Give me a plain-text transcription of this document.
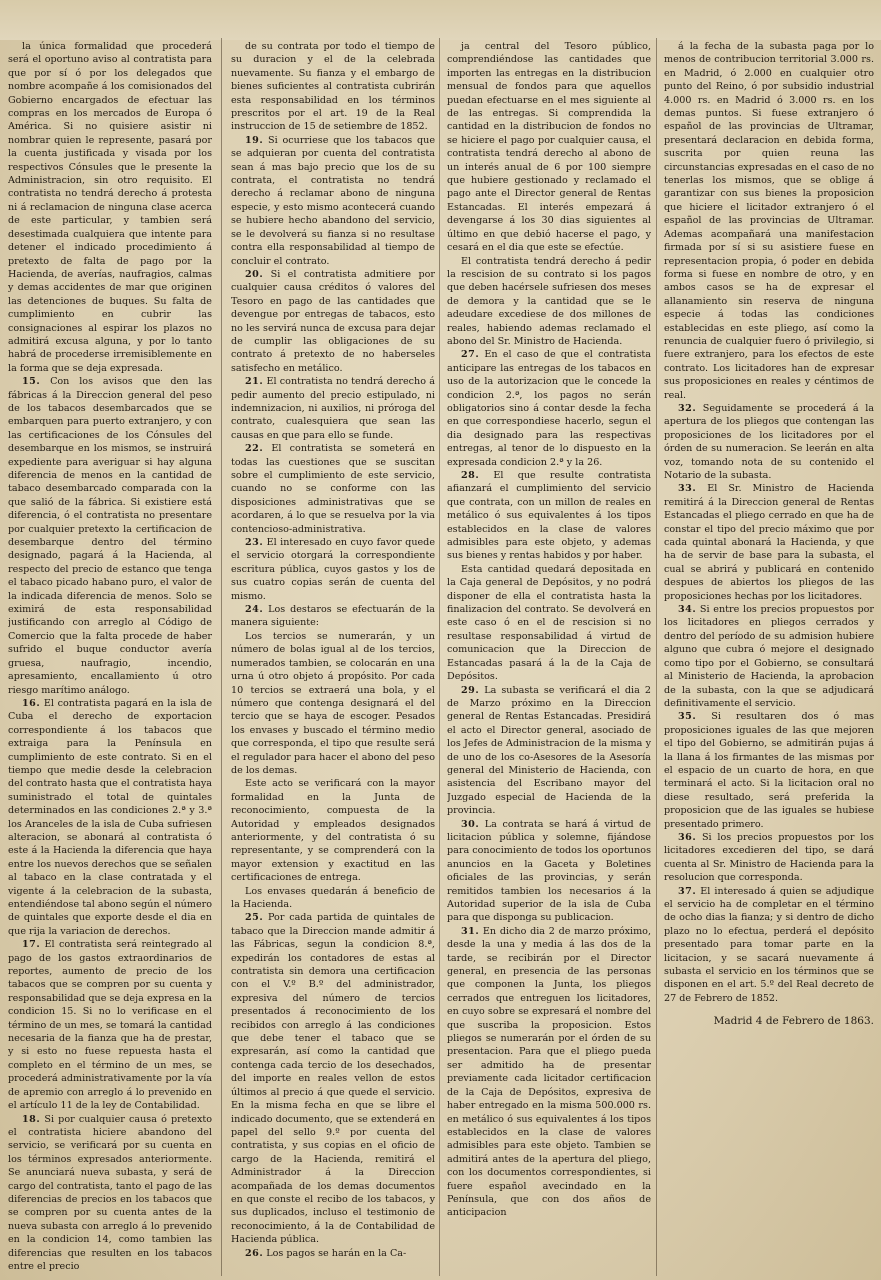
la única formalidad que procederá será el oportuno aviso al contratista para que por sí ó por los delegados que nombre acompañe á los comisionados del Gobierno encargados de efectuar las compras en los mercados de Europa ó América. Si no quisiere asistir ni nombrar quien le represente, pasará por la cuenta justificada y visada por los respectivos Cónsules que le presente la Administracion, sin otro requisito. El contratista no tendrá derecho á protesta ni á reclamacion de ninguna clase acerca de este particular, y tambien será desestimada cualquiera que intente para detener el indicado procedimiento á pretexto de falta de pago por la Hacienda, de averías, naufragios, calmas y demas accidentes de mar que originen las detenciones de buques. Su falta de cumplimiento en cubrir las consignaciones al espirar los plazos no admitirá excusa alguna, y por lo tanto habrá de procederse irremisiblemente en la forma que se deja expresada.

15. Con los avisos que den las fábricas á la Direccion general del peso de los tabacos desembarcados que se embarquen para puerto extranjero, y con las certificaciones de los Cónsules del desembarque en los mismos, se instruirá expediente para averiguar si hay alguna diferencia de menos en la cantidad de tabaco desembarcado comparada con la que salió de la fábrica. Si existiere está diferencia, ó el contratista no presentare por cualquier pretexto la certificacion de desembarque dentro del término designado, pagará á la Hacienda, al respecto del precio de estanco que tenga el tabaco picado habano puro, el valor de la indicada diferencia de menos. Solo se eximirá de esta responsabilidad justificando con arreglo al Código de Comercio que la falta procede de haber sufrido el buque conductor avería gruesa, naufragio, incendio, apresamiento, encallamiento ú otro riesgo marítimo análogo.

16. El contratista pagará en la isla de Cuba el derecho de exportacion correspondiente á los tabacos que extraiga para la Península en cumplimiento de este contrato. Si en el tiempo que medie desde la celebracion del contrato hasta que el contratista haya suministrado el total de quintales determinados en las condiciones 2.ª y 3.ª los Aranceles de la isla de Cuba sufriesen alteracion, se abonará al contratista ó este á la Hacienda la diferencia que haya entre los nuevos derechos que se señalen al tabaco en la clase contratada y el vigente á la celebracion de la subasta, entendiéndose tal abono según el número de quintales que exporte desde el dia en que rija la variacion de derechos.

17. El contratista será reintegrado al pago de los gastos extraordinarios de reportes, aumento de precio de los tabacos que se compren por su cuenta y responsabilidad que se deja expresa en la condicion 15. Si no lo verificase en el término de un mes, se tomará la cantidad necesaria de la fianza que ha de prestar, y si esto no fuese repuesta hasta el completo en el término de un mes, se procederá administrativamente por la vía de apremio con arreglo á lo prevenido en el artículo 11 de la ley de Contabilidad.

18. Si por cualquier causa ó pretexto el contratista hiciere abandono del servicio, se verificará por su cuenta en los términos expresados anteriormente. Se anunciará nueva subasta, y será de cargo del contratista, tanto el pago de las diferencias de precios en los tabacos que se compren por su cuenta antes de la nueva subasta con arreglo á lo prevenido en la condicion 14, como tambien las diferencias que resulten en los tabacos entre el precio

de su contrata por todo el tiempo de su duracion y el de la celebrada nuevamente. Su fianza y el embargo de bienes suficientes al contratista cubrirán esta responsabilidad en los términos prescritos por el art. 19 de la Real instruccion de 15 de setiembre de 1852.

19. Si ocurriese que los tabacos que se adquieran por cuenta del contratista sean á mas bajo precio que los de su contrata, el contratista no tendrá derecho á reclamar abono de ninguna especie, y esto mismo acontecerá cuando se hubiere hecho abandono del servicio, se le devolverá su fianza si no resultase contra ella responsabilidad al tiempo de concluir el contrato.

20. Si el contratista admitiere por cualquier causa créditos ó valores del Tesoro en pago de las cantidades que devengue por entregas de tabacos, esto no les servirá nunca de excusa para dejar de cumplir las obligaciones de su contrato á pretexto de no haberseles satisfecho en metálico.

21. El contratista no tendrá derecho á pedir aumento del precio estipulado, ni indemnizacion, ni auxilios, ni próroga del contrato, cualesquiera que sean las causas en que para ello se funde.

22. El contratista se someterá en todas las cuestiones que se suscitan sobre el cumplimiento de este servicio, cuando no se conforme con las disposiciones administrativas que se acordaren, á lo que se resuelva por la via contencioso-administrativa.

23. El interesado en cuyo favor quede el servicio otorgará la correspondiente escritura pública, cuyos gastos y los de sus cuatro copias serán de cuenta del mismo.

24. Los destaros se efectuarán de la manera siguiente:

Los tercios se numerarán, y un número de bolas igual al de los tercios, numerados tambien, se colocarán en una urna ú otro objeto á propósito. Por cada 10 tercios se extraerá una bola, y el número que contenga designará el del tercio que se haya de escoger. Pesados los envases y buscado el término medio que corresponda, el tipo que resulte será el regulador para hacer el abono del peso de los demas.

Este acto se verificará con la mayor formalidad en la Junta de reconocimiento, compuesta de la Autoridad y empleados designados anteriormente, y del contratista ó su representante, y se comprenderá con la mayor extension y exactitud en las certificaciones de entrega.

Los envases quedarán á beneficio de la Hacienda.

25. Por cada partida de quintales de tabaco que la Direccion mande admitir á las Fábricas, segun la condicion 8.ª, expedirán los contadores de estas al contratista sin demora una certificacion con el V.º B.º del administrador, expresiva del número de tercios presentados á reconocimiento de los recibidos con arreglo á las condiciones que debe tener el tabaco que se expresarán, así como la cantidad que contenga cada tercio de los desechados, del importe en reales vellon de estos últimos al precio á que quede el servicio. En la misma fecha en que se libre el indicado documento, que se extenderá en papel del sello 9.º por cuenta del contratista, y sus copias en el oficio de cargo de la Hacienda, remitirá el Administrador á la Direccion acompañada de los demas documentos en que conste el recibo de los tabacos, y sus duplicados, incluso el testimonio de reconocimiento, á la de Contabilidad de Hacienda pública.

26. Los pagos se harán en la Ca-

ja central del Tesoro público, comprendiéndose las cantidades que importen las entregas en la distribucion mensual de fondos para que aquellos puedan efectuarse en el mes siguiente al de las entregas. Si comprendida la cantidad en la distribucion de fondos no se hiciere el pago por cualquier causa, el contratista tendrá derecho al abono de un interés anual de 6 por 100 siempre que hubiere gestionado y reclamado el pago ante el Director general de Rentas Estancadas. El interés empezará á devengarse á los 30 dias siguientes al último en que debió hacerse el pago, y cesará en el dia que este se efectúe.

El contratista tendrá derecho á pedir la rescision de su contrato si los pagos que deben hacérsele sufriesen dos meses de demora y la cantidad que se le adeudare excediese de dos millones de reales, habiendo ademas reclamado el abono del Sr. Ministro de Hacienda.

27. En el caso de que el contratista anticipare las entregas de los tabacos en uso de la autorizacion que le concede la condicion 2.ª, los pagos no serán obligatorios sino á contar desde la fecha en que correspondiese hacerlo, segun el dia designado para las respectivas entregas, al tenor de lo dispuesto en la expresada condicion 2.ª y la 26.

28. El que resulte contratista afianzará el cumplimiento del servicio que contrata, con un millon de reales en metálico ó sus equivalentes á los tipos establecidos en la clase de valores admisibles para este objeto, y ademas sus bienes y rentas habidos y por haber.

Esta cantidad quedará depositada en la Caja general de Depósitos, y no podrá disponer de ella el contratista hasta la finalizacion del contrato. Se devolverá en este caso ó en el de rescision si no resultase responsabilidad á virtud de comunicacion que la Direccion de Estancadas pasará á la de la Caja de Depósitos.

29. La subasta se verificará el dia 2 de Marzo próximo en la Direccion general de Rentas Estancadas. Presidirá el acto el Director general, asociado de los Jefes de Administracion de la misma y de uno de los co-Asesores de la Asesoría general del Ministerio de Hacienda, con asistencia del Escribano mayor del Juzgado especial de Hacienda de la provincia.

30. La contrata se hará á virtud de licitacion pública y solemne, fijándose para conocimiento de todos los oportunos anuncios en la Gaceta y Boletines oficiales de las provincias, y serán remitidos tambien los necesarios á la Autoridad superior de la isla de Cuba para que disponga su publicacion.

31. En dicho dia 2 de marzo próximo, desde la una y media á las dos de la tarde, se recibirán por el Director general, en presencia de las personas que componen la Junta, los pliegos cerrados que entreguen los licitadores, en cuyo sobre se expresará el nombre del que suscriba la proposicion. Estos pliegos se numerarán por el órden de su presentacion. Para que el pliego pueda ser admitido ha de presentar previamente cada licitador certificacion de la Caja de Depósitos, expresiva de haber entregado en la misma 500.000 rs. en metálico ó sus equivalentes á los tipos establecidos en la clase de valores admisibles para este objeto. Tambien se admitirá antes de la apertura del pliego, con los documentos correspondientes, si fuere español avecindado en la Península, que con dos años de anticipacion

á la fecha de la subasta paga por lo menos de contribucion territorial 3.000 rs. en Madrid, ó 2.000 en cualquier otro punto del Reino, ó por subsidio industrial 4.000 rs. en Madrid ó 3.000 rs. en los demas puntos. Si fuese extranjero ó español de las provincias de Ultramar, presentará declaracion en debida forma, suscrita por quien reuna las circunstancias expresadas en el caso de no tenerlas los mismos, que se oblige á garantizar con sus bienes la proposicion que hiciere el licitador extranjero ó el español de las provincias de Ultramar. Ademas acompañará una manifestacion firmada por sí si su asistiere fuese en representacion propia, ó poder en debida forma si fuese en nombre de otro, y en ambos casos se ha de expresar el allanamiento sin reserva de ninguna especie á todas las condiciones establecidas en este pliego, así como la renuncia de cualquier fuero ó privilegio, si fuere extranjero, para los efectos de este contrato. Los licitadores han de expresar sus proposiciones en reales y céntimos de real.

32. Seguidamente se procederá á la apertura de los pliegos que contengan las proposiciones de los licitadores por el órden de su numeracion. Se leerán en alta voz, tomando nota de su contenido el Notario de la subasta.

33. El Sr. Ministro de Hacienda remitirá á la Direccion general de Rentas Estancadas el pliego cerrado en que ha de constar el tipo del precio máximo que por cada quintal abonará la Hacienda, y que ha de servir de base para la subasta, el cual se abrirá y publicará en contenido despues de abiertos los pliegos de las proposiciones hechas por los licitadores.

34. Si entre los precios propuestos por los licitadores en pliegos cerrados y dentro del período de su admision hubiere alguno que cubra ó mejore el designado como tipo por el Gobierno, se consultará al Ministerio de Hacienda, la aprobacion de la subasta, con la que se adjudicará definitivamente el servicio.

35. Si resultaren dos ó mas proposiciones iguales de las que mejoren el tipo del Gobierno, se admitirán pujas á la llana á los firmantes de las mismas por el espacio de un cuarto de hora, en que terminará el acto. Si la licitacion oral no diese resultado, será preferida la proposicion que de las iguales se hubiese presentado primero.

36. Si los precios propuestos por los licitadores excedieren del tipo, se dará cuenta al Sr. Ministro de Hacienda para la resolucion que corresponda.

37. El interesado á quien se adjudique el servicio ha de completar en el término de ocho dias la fianza; y si dentro de dicho plazo no lo efectua, perderá el depósito presentado para tomar parte en la licitacion, y se sacará nuevamente á subasta el servicio en los términos que se disponen en el art. 5.º del Real decreto de 27 de Febrero de 1852.

Madrid 4 de Febrero de 1863.
